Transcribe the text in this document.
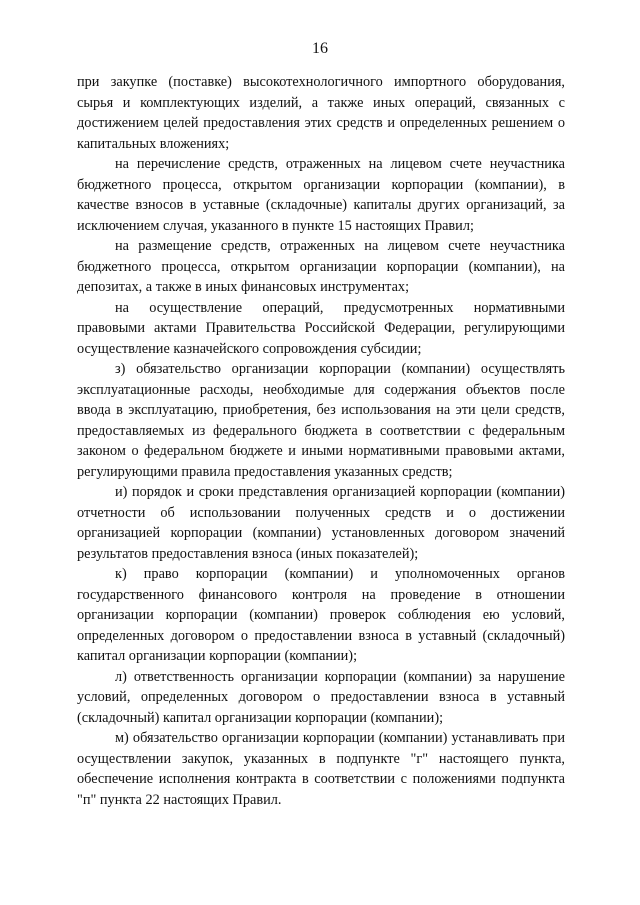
16

при закупке (поставке) высокотехнологичного импортного оборудования, сырья и комплектующих изделий, а также иных операций, связанных с достижением целей предоставления этих средств и определенных решением о капитальных вложениях;

на перечисление средств, отраженных на лицевом счете неучастника бюджетного процесса, открытом организации корпорации (компании), в качестве взносов в уставные (складочные) капиталы других организаций, за исключением случая, указанного в пункте 15 настоящих Правил;

на размещение средств, отраженных на лицевом счете неучастника бюджетного процесса, открытом организации корпорации (компании), на депозитах, а также в иных финансовых инструментах;

на осуществление операций, предусмотренных нормативными правовыми актами Правительства Российской Федерации, регулирующими осуществление казначейского сопровождения субсидии;

з) обязательство организации корпорации (компании) осуществлять эксплуатационные расходы, необходимые для содержания объектов после ввода в эксплуатацию, приобретения, без использования на эти цели средств, предоставляемых из федерального бюджета в соответствии с федеральным законом о федеральном бюджете и иными нормативными правовыми актами, регулирующими правила предоставления указанных средств;

и) порядок и сроки представления организацией корпорации (компании) отчетности об использовании полученных средств и о достижении организацией корпорации (компании) установленных договором значений результатов предоставления взноса (иных показателей);

к) право корпорации (компании) и уполномоченных органов государственного финансового контроля на проведение в отношении организации корпорации (компании) проверок соблюдения ею условий, определенных договором о предоставлении взноса в уставный (складочный) капитал организации корпорации (компании);

л) ответственность организации корпорации (компании) за нарушение условий, определенных договором о предоставлении взноса в уставный (складочный) капитал организации корпорации (компании);

м) обязательство организации корпорации (компании) устанавливать при осуществлении закупок, указанных в подпункте "г" настоящего пункта, обеспечение исполнения контракта в соответствии с положениями подпункта "п" пункта 22 настоящих Правил.
